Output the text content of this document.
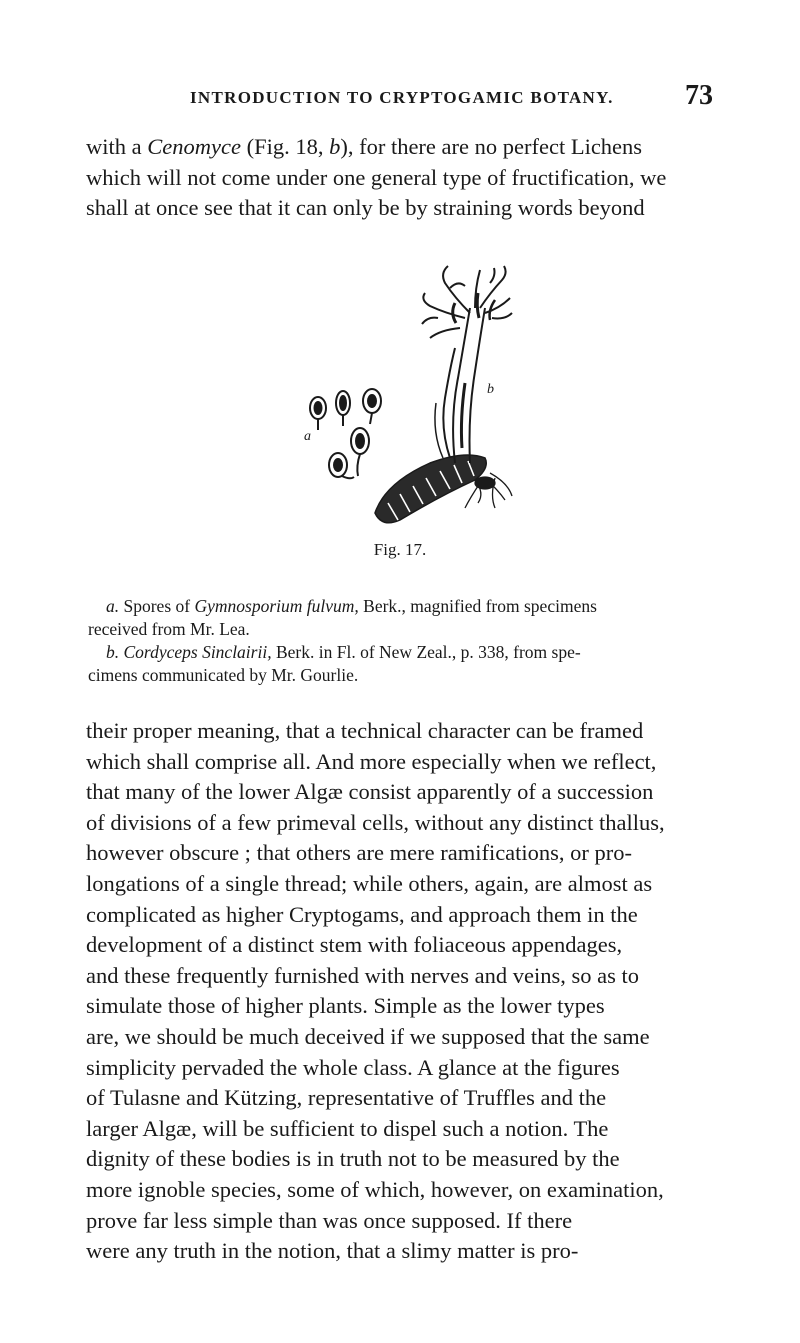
INTRODUCTION TO CRYPTOGAMIC BOTANY.	73
with a Cenomyce (Fig. 18, b), for there are no perfect Lichens
which will not come under one general type of fructification, we
shall at once see that it can only be by straining words beyond
a
b
Fig. 17.
a. Spores of Gymnosporium fulvum, Berk., magnified from specimens
received from Mr. Lea.
b. Cordyceps Sinclairii, Berk. in Fl. of New Zeal., p. 338, from spe-
cimens communicated by Mr. Gourlie.
their proper meaning, that a technical character can be framed
which shall comprise all. And more especially when we reflect,
that many of the lower Algæ consist apparently of a succession
of divisions of a few primeval cells, without any distinct thallus,
however obscure ; that others are mere ramifications, or pro-
longations of a single thread; while others, again, are almost as
complicated as higher Cryptogams, and approach them in the
development of a distinct stem with foliaceous appendages,
and these frequently furnished with nerves and veins, so as to
simulate those of higher plants. Simple as the lower types
are, we should be much deceived if we supposed that the same
simplicity pervaded the whole class. A glance at the figures
of Tulasne and Kützing, representative of Truffles and the
larger Algæ, will be sufficient to dispel such a notion. The
dignity of these bodies is in truth not to be measured by the
more ignoble species, some of which, however, on examination,
prove far less simple than was once supposed. If there
were any truth in the notion, that a slimy matter is pro-
